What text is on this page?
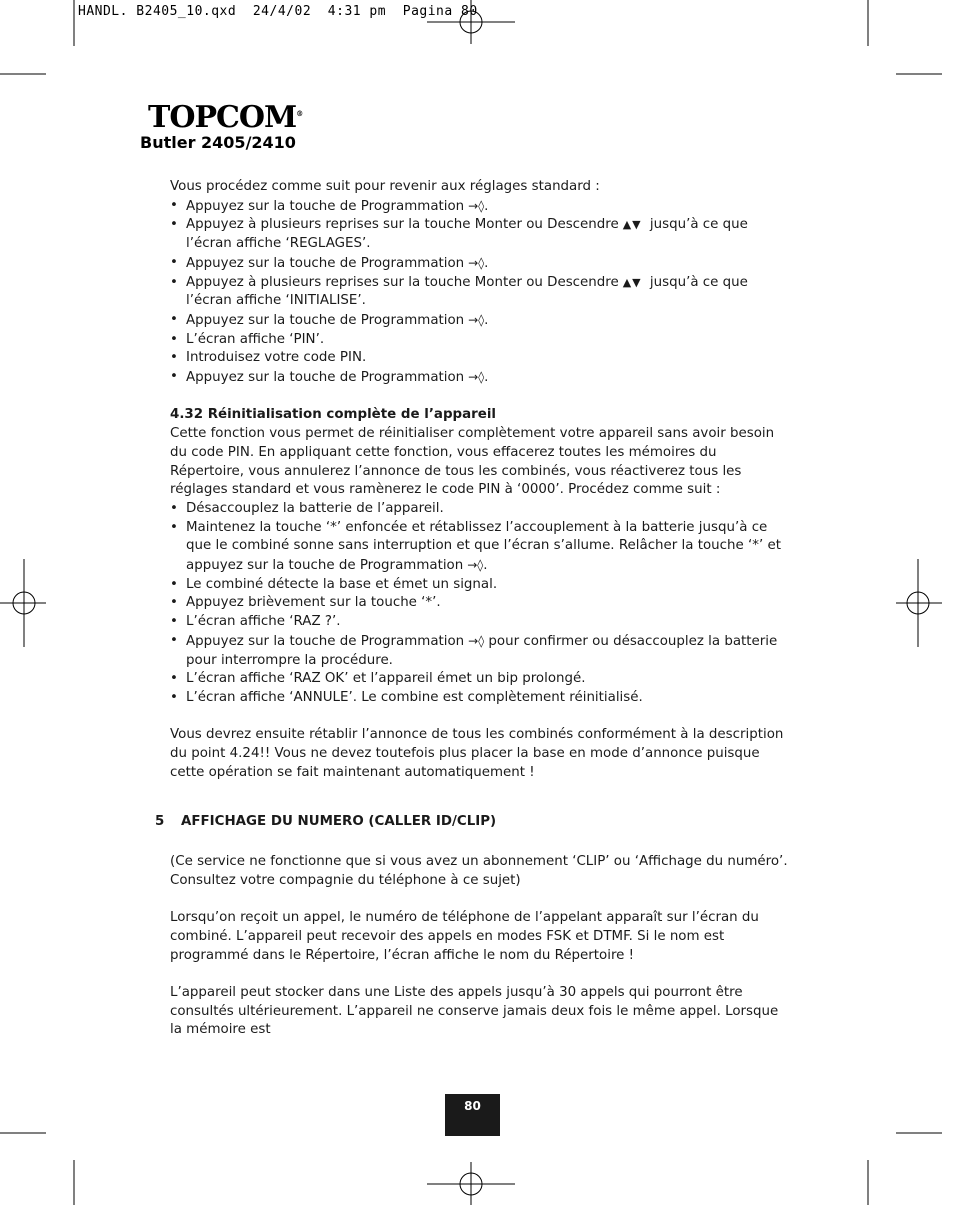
HANDL. B2405_10.qxd  24/4/02  4:31 pm  Pagina 80
TOPCOM®
Butler 2405/2410

Vous procédez comme suit pour revenir aux réglages standard :

• Appuyez sur la touche de Programmation →◊.
• Appuyez à plusieurs reprises sur la touche Monter ou Descendre ▲▼ jusqu’à ce que l’écran affiche ‘REGLAGES’.
• Appuyez sur la touche de Programmation →◊.
• Appuyez à plusieurs reprises sur la touche Monter ou Descendre ▲▼ jusqu’à ce que l’écran affiche ‘INITIALISE’.
• Appuyez sur la touche de Programmation →◊.
• L’écran affiche ‘PIN’.
• Introduisez votre code PIN.
• Appuyez sur la touche de Programmation →◊.

4.32 Réinitialisation complète de l’appareil

Cette fonction vous permet de réinitialiser complètement votre appareil sans avoir besoin du code PIN. En appliquant cette fonction, vous effacerez toutes les mémoires du Répertoire, vous annulerez l’annonce de tous les combinés, vous réactiverez tous les réglages standard et vous ramènerez le code PIN à ‘0000’. Procédez comme suit :

• Désaccouplez la batterie de l’appareil.
• Maintenez la touche ‘*’ enfoncée et rétablissez l’accouplement à la batterie jusqu’à ce que le combiné sonne sans interruption et que l’écran s’allume. Relâcher la touche ‘*’ et appuyez sur la touche de Programmation →◊.
• Le combiné détecte la base et émet un signal.
• Appuyez brièvement sur la touche ‘*’.
• L’écran affiche ‘RAZ ?’.
• Appuyez sur la touche de Programmation →◊ pour confirmer ou désaccouplez la batterie pour interrompre la procédure.
• L’écran affiche ‘RAZ OK’ et l’appareil émet un bip prolongé.
• L’écran affiche ‘ANNULE’. Le combine est complètement réinitialisé.

Vous devrez ensuite rétablir l’annonce de tous les combinés conformément à la description du point 4.24!! Vous ne devez toutefois plus placer la base en mode d’annonce puisque cette opération se fait maintenant automatiquement !

5 AFFICHAGE DU NUMERO (CALLER ID/CLIP)

(Ce service ne fonctionne que si vous avez un abonnement ‘CLIP’ ou ‘Affichage du numéro’. Consultez votre compagnie du téléphone à ce sujet)

Lorsqu’on reçoit un appel, le numéro de téléphone de l’appelant apparaît sur l’écran du combiné. L’appareil peut recevoir des appels en modes FSK et DTMF. Si le nom est programmé dans le Répertoire, l’écran affiche le nom du Répertoire !

L’appareil peut stocker dans une Liste des appels jusqu’à 30 appels qui pourront être consultés ultérieurement. L’appareil ne conserve jamais deux fois le même appel. Lorsque la mémoire est

80
